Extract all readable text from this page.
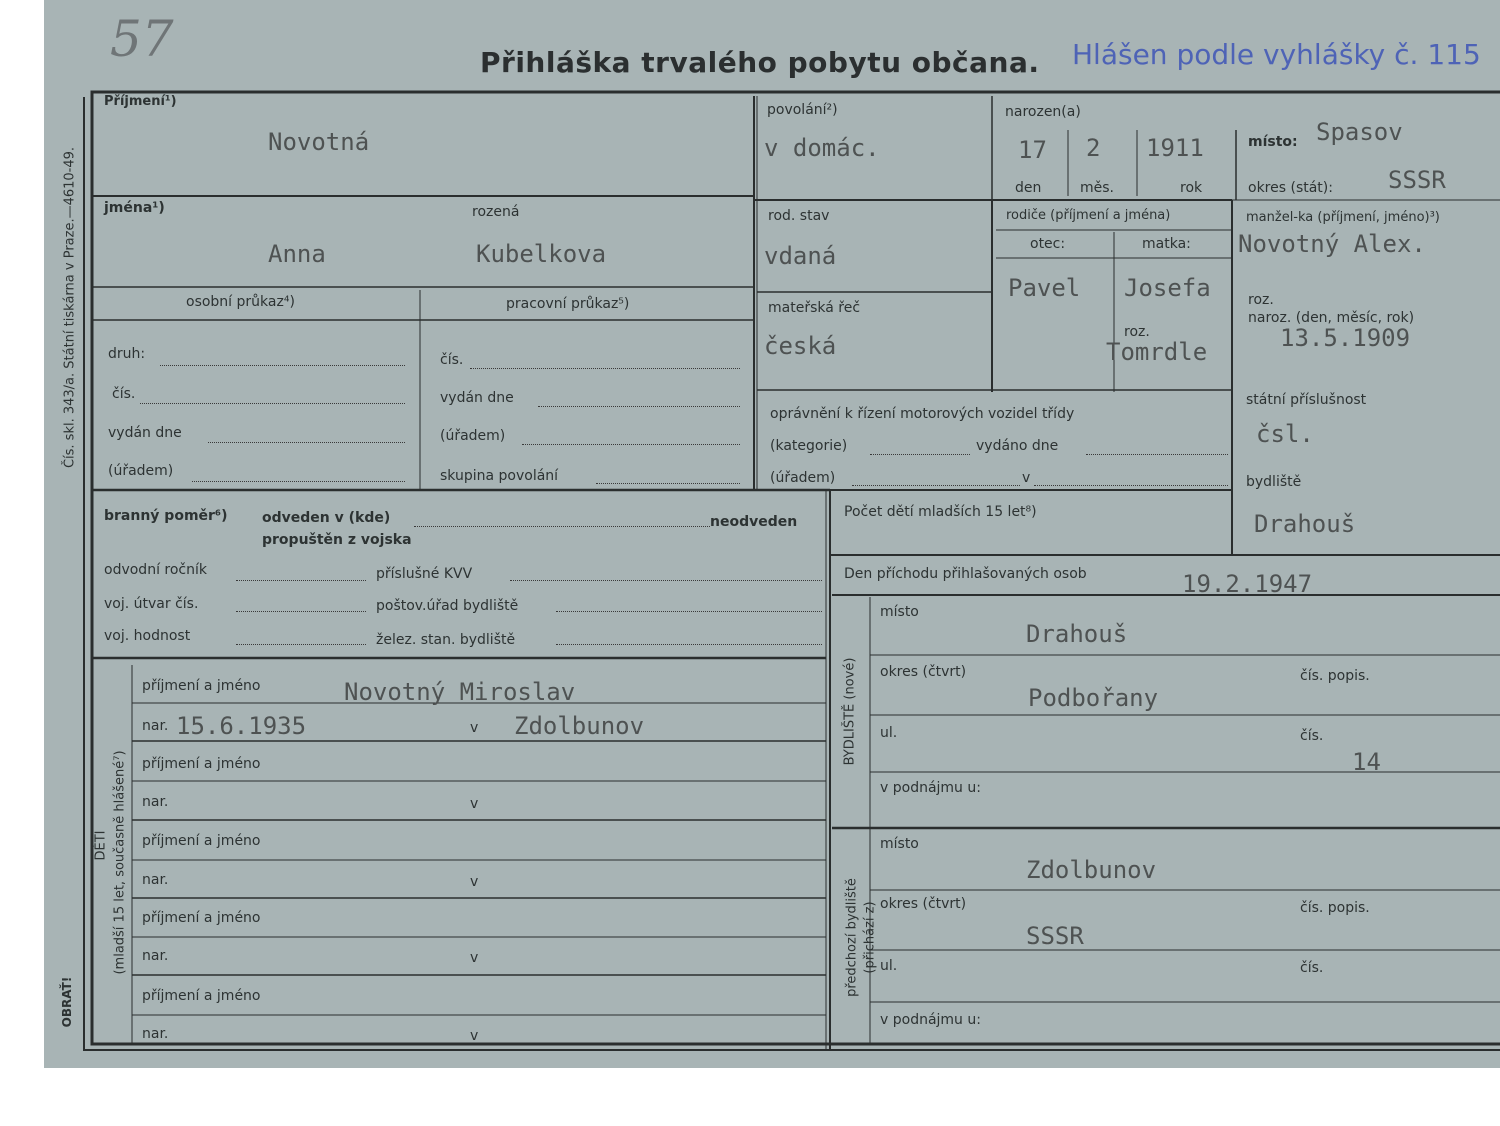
57	Přihláška trvalého pobytu občana. Hlášen podle vyhlášky č. 115
Čís. skl. 343/a. Státní tiskárna v Praze.—4610-49.
OBRAŤ!
Příjmení¹)
Novotná
povolání²)
v domác.
narozen(a)
17 2 1911
den	měs.	rok
místo: Spasov
okres (stát): SSSR
jména¹)	rozená
Anna	Kubelkova
rod. stav
vdaná
mateřská řeč
česká
rodiče (příjmení a jména)
otec:	matka:
Pavel Josefa
roz.
Tomrdle
manžel-ka (příjmení, jméno)³)
Novotný Alex.
roz.
naroz. (den, měsíc, rok)
13.5.1909
státní příslušnost
čsl.
bydliště
Drahouš
osobní průkaz⁴)	pracovní průkaz⁵)
druh:
čís.
vydán dne
(úřadem)
čís.
vydán dne
(úřadem)
skupina povolání
oprávnění k řízení motorových vozidel třídy
(kategorie)	vydáno dne
(úřadem)	v
branný poměr⁶) odveden v (kde)	neodveden
propuštěn z vojska
odvodní ročník	příslušné KVV
voj. útvar čís.	poštov.úřad bydliště
voj. hodnost	želez. stan. bydliště
Počet dětí mladších 15 let⁸)
Den příchodu přihlašovaných osob	19.2.1947
DĚTI (mladší 15 let, současně hlášené⁷)
příjmení a jméno	Novotný Miroslav
nar. 15.6.1935	v Zdolbunov
příjmení a jméno
nar.	v
příjmení a jméno
nar.	v
příjmení a jméno
nar.	v
příjmení a jméno
nar.	v
BYDLIŠTĚ (nové)
místo
Drahouš
okres (čtvrt)
Podbořany
čís. popis.
ul.	čís.
14
v podnájmu u:
předchozí bydliště (přichází z)
místo
Zdolbunov
okres (čtvrt)
SSSR
čís. popis.
ul.	čís.
v podnájmu u:
